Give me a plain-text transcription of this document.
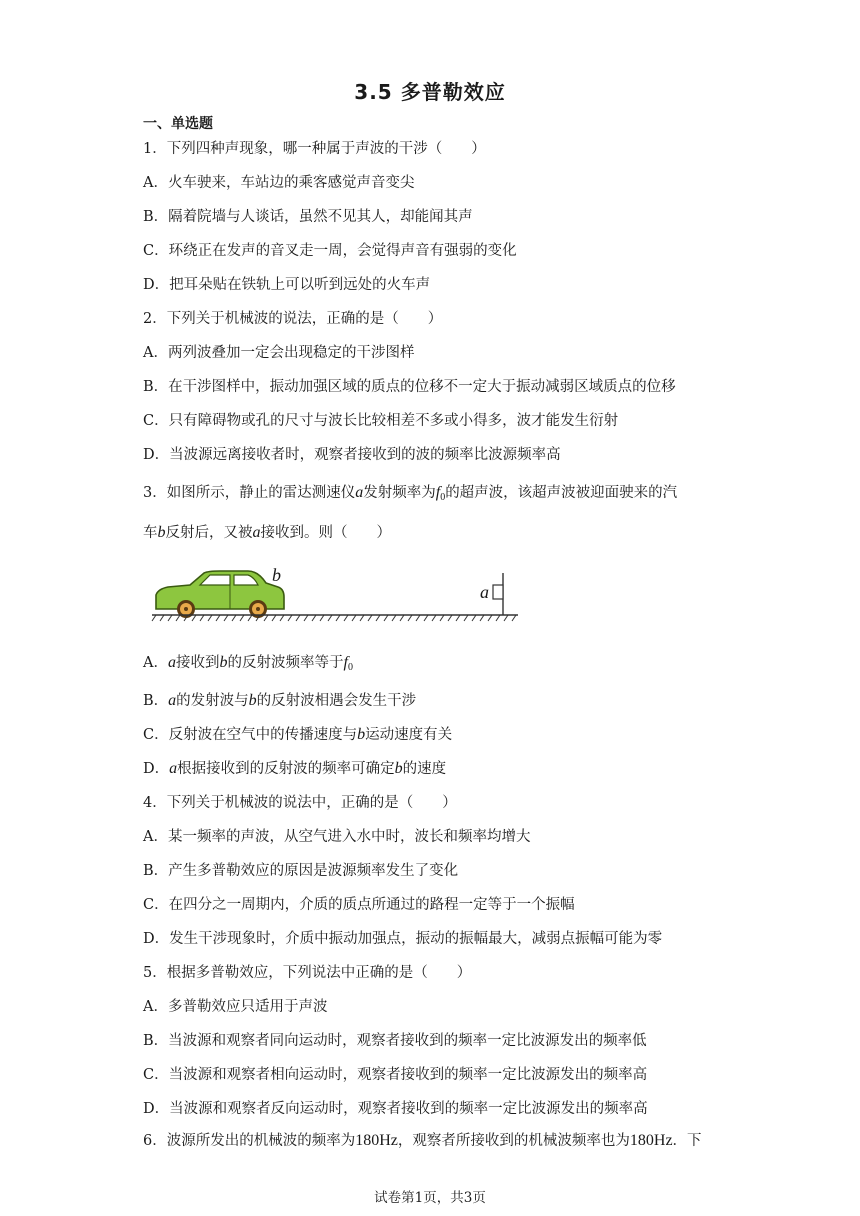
3.5 多普勒效应
一、单选题
1．下列四种声现象，哪一种属于声波的干涉（　　）
A．火车驶来，车站边的乘客感觉声音变尖
B．隔着院墙与人谈话，虽然不见其人，却能闻其声
C．环绕正在发声的音叉走一周，会觉得声音有强弱的变化
D．把耳朵贴在铁轨上可以听到远处的火车声
2．下列关于机械波的说法，正确的是（　　）
A．两列波叠加一定会出现稳定的干涉图样
B．在干涉图样中，振动加强区域的质点的位移不一定大于振动减弱区域质点的位移
C．只有障碍物或孔的尺寸与波长比较相差不多或小得多，波才能发生衍射
D．当波源远离接收者时，观察者接收到的波的频率比波源频率高
3．如图所示，静止的雷达测速仪a发射频率为$f_0$的超声波，该超声波被迎面驶来的汽
车b反射后，又被a接收到。则（　　）
b
a
A．a接收到b的反射波频率等于$f_0$
B．a的发射波与b的反射波相遇会发生干涉
C．反射波在空气中的传播速度与b运动速度有关
D．a根据接收到的反射波的频率可确定b的速度
4．下列关于机械波的说法中，正确的是（　　）
A．某一频率的声波，从空气进入水中时，波长和频率均增大
B．产生多普勒效应的原因是波源频率发生了变化
C．在四分之一周期内，介质的质点所通过的路程一定等于一个振幅
D．发生干涉现象时，介质中振动加强点，振动的振幅最大，减弱点振幅可能为零
5．根据多普勒效应，下列说法中正确的是（　　）
A．多普勒效应只适用于声波
B．当波源和观察者同向运动时，观察者接收到的频率一定比波源发出的频率低
C．当波源和观察者相向运动时，观察者接收到的频率一定比波源发出的频率高
D．当波源和观察者反向运动时，观察者接收到的频率一定比波源发出的频率高
6．波源所发出的机械波的频率为180Hz，观察者所接收到的机械波频率也为180Hz．下
试卷第1页，共3页
